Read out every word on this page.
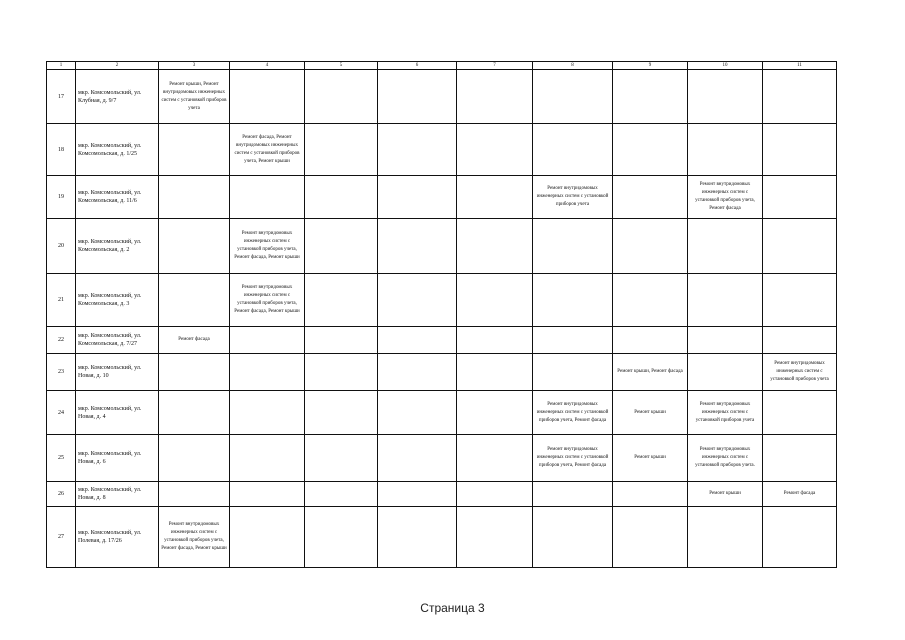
1	2	3	4	5	6	7	8	9	10	11
17	мкр. Комсомольский, ул. Клубная, д. 9/7	Ремонт крыши, Ремонт внутридомовых инженерных систем с установкой приборов учета								
18	мкр. Комсомольский, ул. Комсомольская, д. 1/25		Ремонт фасада, Ремонт внутридомовых инженерных систем с установкой приборов учета, Ремонт крыши							
19	мкр. Комсомольский, ул. Комсомольская, д. 11/6						Ремонт внутридомовых инженерных систем с установкой приборов учета		Ремонт внутридомовых инженерных систем с установкой приборов учета, Ремонт фасада	
20	мкр. Комсомольский, ул. Комсомольская, д. 2		Ремонт внутридомовых инженерных систем с установкой приборов учета, Ремонт фасада, Ремонт крыши							
21	мкр. Комсомольский, ул. Комсомольская, д. 3		Ремонт внутридомовых инженерных систем с установкой приборов учета, Ремонт фасада, Ремонт крыши							
22	мкр. Комсомольский, ул. Комсомольская, д. 7/27	Ремонт фасада								
23	мкр. Комсомольский, ул. Новая, д. 10							Ремонт крыши, Ремонт фасада		Ремонт внутридомовых инженерных систем с установкой приборов учета
24	мкр. Комсомольский, ул. Новая, д. 4						Ремонт внутридомовых инженерных систем с установкой приборов учета, Ремонт фасада	Ремонт крыши	Ремонт внутридомовых инженерных систем с установкой приборов учета	
25	мкр. Комсомольский, ул. Новая, д. 6						Ремонт внутридомовых инженерных систем с установкой приборов учета, Ремонт фасада	Ремонт крыши	Ремонт внутридомовых инженерных систем с установкой приборов учета.	
26	мкр. Комсомольский, ул. Новая, д. 8								Ремонт крыши	Ремонт фасада
27	мкр. Комсомольский, ул. Полевая, д. 17/26	Ремонт внутридомовых инженерных систем с установкой приборов учета, Ремонт фасада, Ремонт крыши								
Страница 3
